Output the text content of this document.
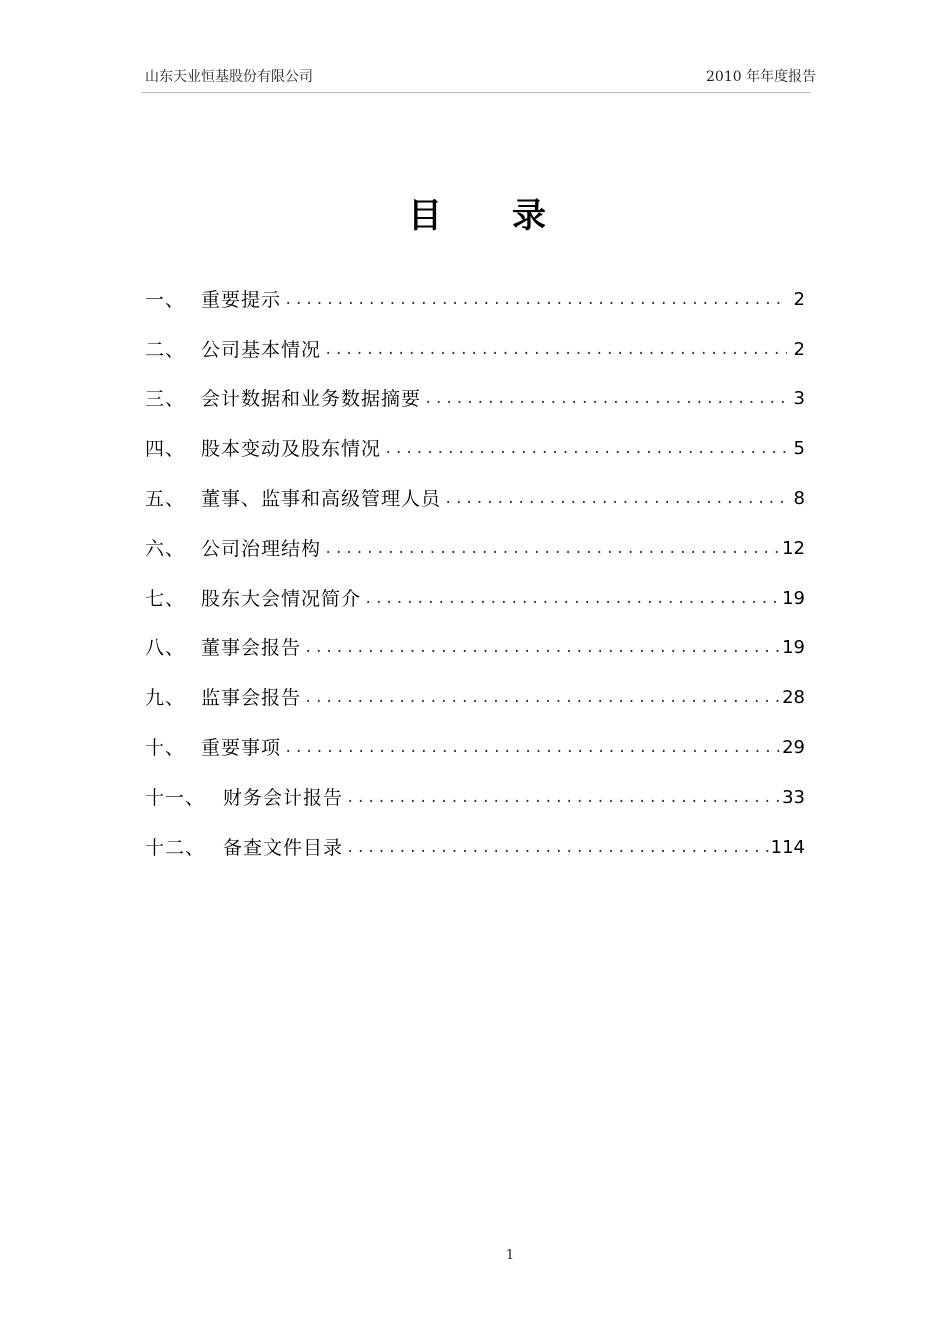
山东天业恒基股份有限公司	2010 年年度报告
目录
一、 重要提示 .....	2
二、 公司基本情况 .....	2
三、 会计数据和业务数据摘要 .....	3
四、 股本变动及股东情况 .....	5
五、 董事、监事和高级管理人员 .....	8
六、 公司治理结构 .....	12
七、 股东大会情况简介 .....	19
八、 董事会报告 .....	19
九、 监事会报告 .....	28
十、 重要事项 .....	29
十一、 财务会计报告 .....	33
十二、 备查文件目录 .....	114
1
